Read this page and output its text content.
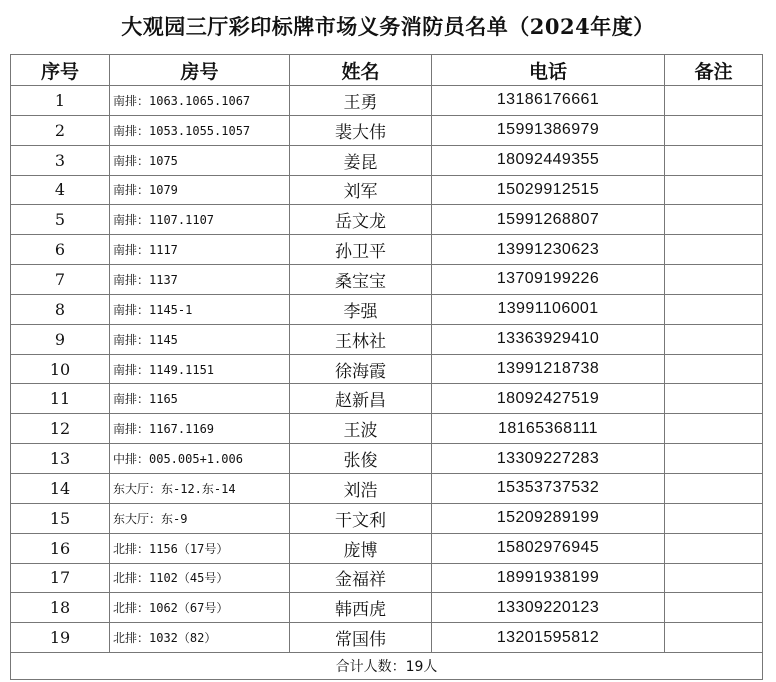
大观园三厅彩印标牌市场义务消防员名单（2024年度）
序号	房号	姓名	电话	备注
1	南排：1063.1065.1067	王勇	13186176661	
2	南排：1053.1055.1057	裴大伟	15991386979	
3	南排：1075	姜昆	18092449355	
4	南排：1079	刘军	15029912515	
5	南排：1107.1107	岳文龙	15991268807	
6	南排：1117	孙卫平	13991230623	
7	南排：1137	桑宝宝	13709199226	
8	南排：1145-1	李强	13991106001	
9	南排：1145	王林社	13363929410	
10	南排：1149.1151	徐海霞	13991218738	
11	南排：1165	赵新昌	18092427519	
12	南排：1167.1169	王波	18165368111	
13	中排：005.005+1.006	张俊	13309227283	
14	东大厅：东-12.东-14	刘浩	15353737532	
15	东大厅：东-9	干文利	15209289199	
16	北排：1156（17号）	庞博	15802976945	
17	北排：1102（45号）	金福祥	18991938199	
18	北排：1062（67号）	韩西虎	13309220123	
19	北排：1032（82）	常国伟	13201595812	
合计人数：19人				
